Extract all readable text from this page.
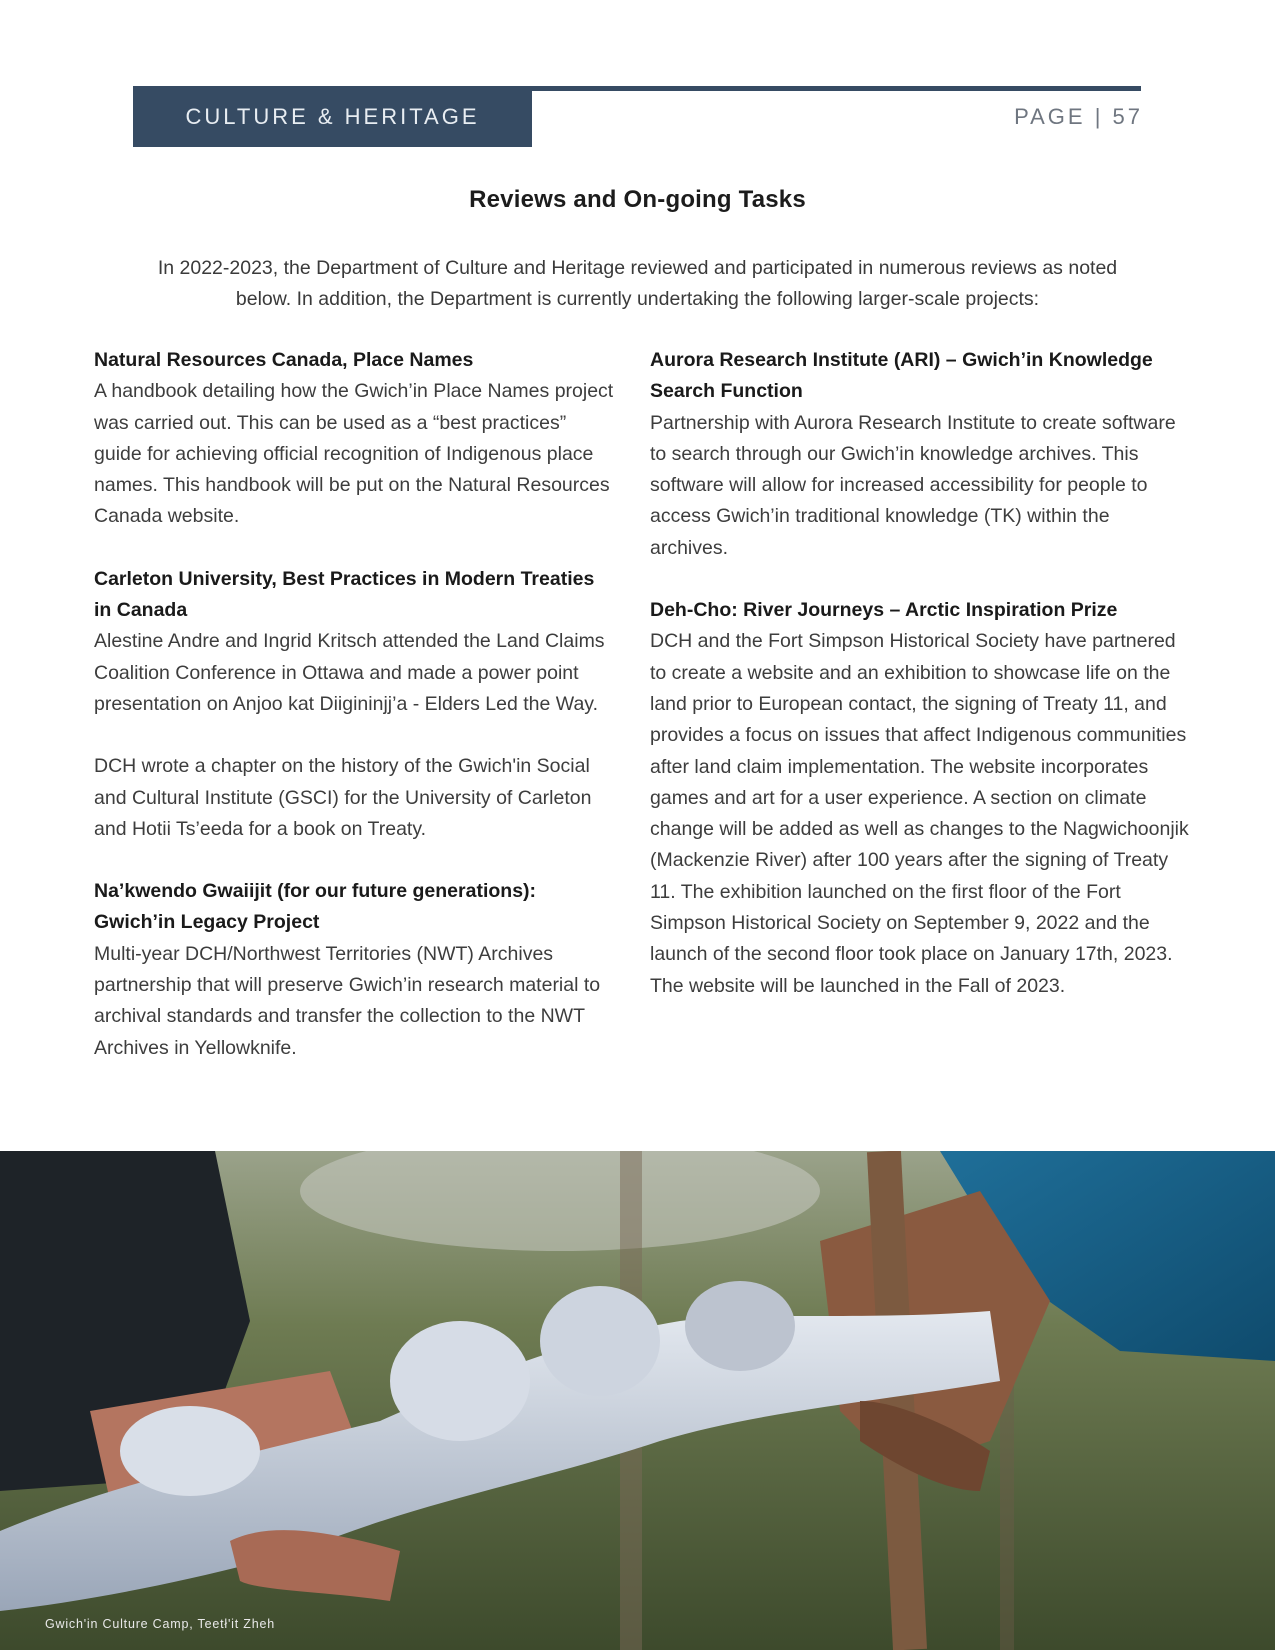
CULTURE & HERITAGE	PAGE | 57
Reviews and On-going Tasks

In 2022-2023, the Department of Culture and Heritage reviewed and participated in numerous reviews as noted below. In addition, the Department is currently undertaking the following larger-scale projects:

Natural Resources Canada, Place Names
A handbook detailing how the Gwich’in Place Names project was carried out. This can be used as a “best practices” guide for achieving official recognition of Indigenous place names. This handbook will be put on the Natural Resources Canada website.
Carleton University, Best Practices in Modern Treaties in Canada
Alestine Andre and Ingrid Kritsch attended the Land Claims Coalition Conference in Ottawa and made a power point presentation on Anjoo kat Diigininjj’a - Elders Led the Way.
DCH wrote a chapter on the history of the Gwich'in Social and Cultural Institute (GSCI) for the University of Carleton and Hotii Ts’eeda for a book on Treaty.
Na’kwendo Gwaiijit (for our future generations): Gwich’in Legacy Project
Multi-year DCH/Northwest Territories (NWT) Archives partnership that will preserve Gwich’in research material to archival standards and transfer the collection to the NWT Archives in Yellowknife.
Aurora Research Institute (ARI) – Gwich’in Knowledge Search Function
Partnership with Aurora Research Institute to create software to search through our Gwich’in knowledge archives. This software will allow for increased accessibility for people to access Gwich’in traditional knowledge (TK) within the archives.
Deh-Cho: River Journeys – Arctic Inspiration Prize
DCH and the Fort Simpson Historical Society have partnered to create a website and an exhibition to showcase life on the land prior to European contact, the signing of Treaty 11, and provides a focus on issues that affect Indigenous communities after land claim implementation. The website incorporates games and art for a user experience. A section on climate change will be added as well as changes to the Nagwichoonjik (Mackenzie River) after 100 years after the signing of Treaty 11. The exhibition launched on the first floor of the Fort Simpson Historical Society on September 9, 2022 and the launch of the second floor took place on January 17th, 2023. The website will be launched in the Fall of 2023.
Gwich'in Culture Camp, Teetł'it Zheh
